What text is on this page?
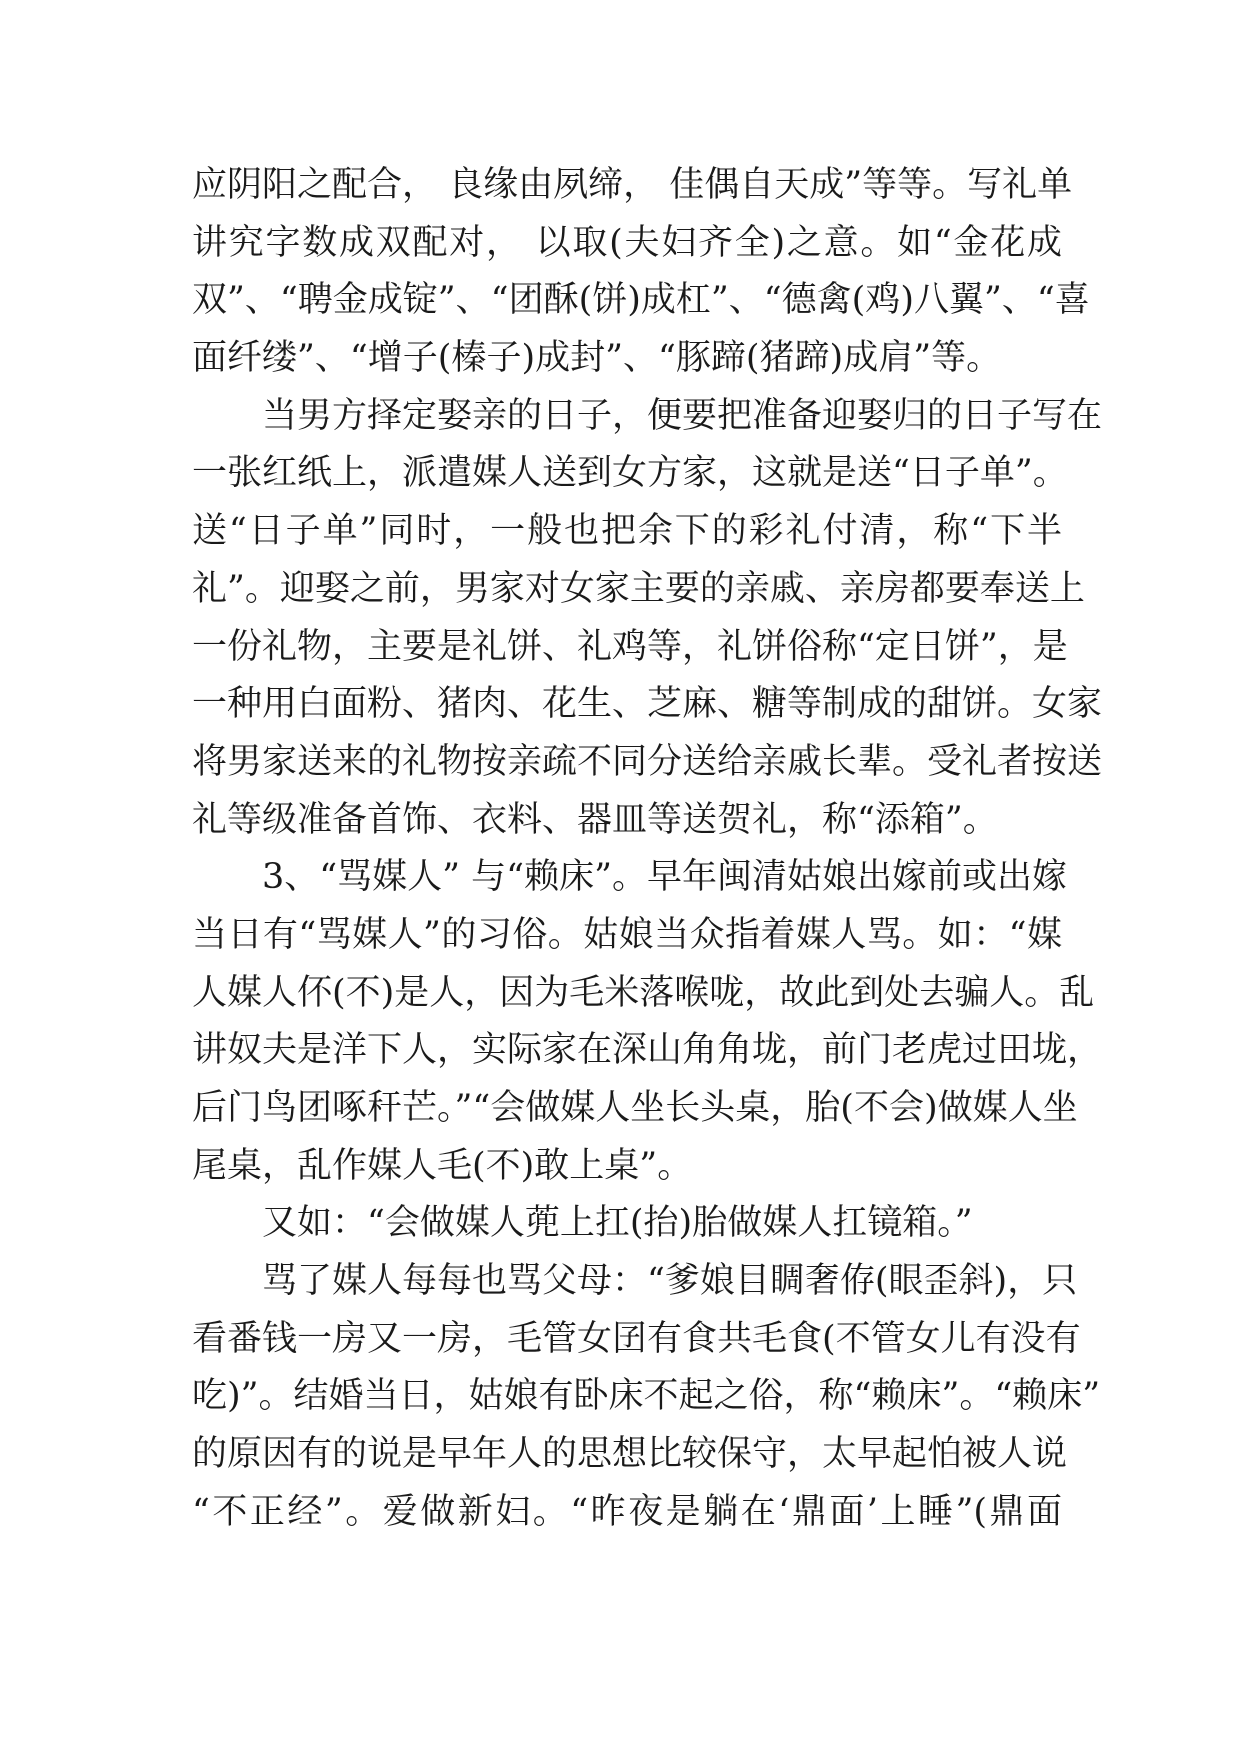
应阴阳之配合， 良缘由夙缔， 佳偶自天成”等等。写礼单
讲究字数成双配对， 以取(夫妇齐全)之意。如“金花成
双”、“聘金成锭”、“团酥(饼)成杠”、“德禽(鸡)八翼”、“喜
面纤缕”、“增子(榛子)成封”、“豚蹄(猪蹄)成肩”等。
当男方择定娶亲的日子，便要把准备迎娶归的日子写在
一张红纸上，派遣媒人送到女方家，这就是送“日子单”。
送“日子单”同时，一般也把余下的彩礼付清，称“下半
礼”。迎娶之前，男家对女家主要的亲戚、亲房都要奉送上
一份礼物，主要是礼饼、礼鸡等，礼饼俗称“定日饼”，是
一种用白面粉、猪肉、花生、芝麻、糖等制成的甜饼。女家
将男家送来的礼物按亲疏不同分送给亲戚长辈。受礼者按送
礼等级准备首饰、衣料、器皿等送贺礼，称“添箱”。
3、“骂媒人” 与“赖床”。早年闽清姑娘出嫁前或出嫁
当日有“骂媒人”的习俗。姑娘当众指着媒人骂。如：“媒
人媒人伓(不)是人，因为毛米落喉咙，故此到处去骗人。乱
讲奴夫是洋下人，实际家在深山角角垅，前门老虎过田垅，
后门鸟团啄秆芒。”“会做媒人坐长头桌，胎(不会)做媒人坐
尾桌，乱作媒人毛(不)敢上桌”。
又如：“会做媒人蔸上扛(抬)胎做媒人扛镜箱。”
骂了媒人每每也骂父母：“爹娘目睭奢侟(眼歪斜)，只
看番钱一房又一房，毛管女囝有食共毛食(不管女儿有没有
吃)”。结婚当日，姑娘有卧床不起之俗，称“赖床”。“赖床”
的原因有的说是早年人的思想比较保守，太早起怕被人说
“不正经”。爱做新妇。“昨夜是躺在‘鼎面’上睡”(鼎面
